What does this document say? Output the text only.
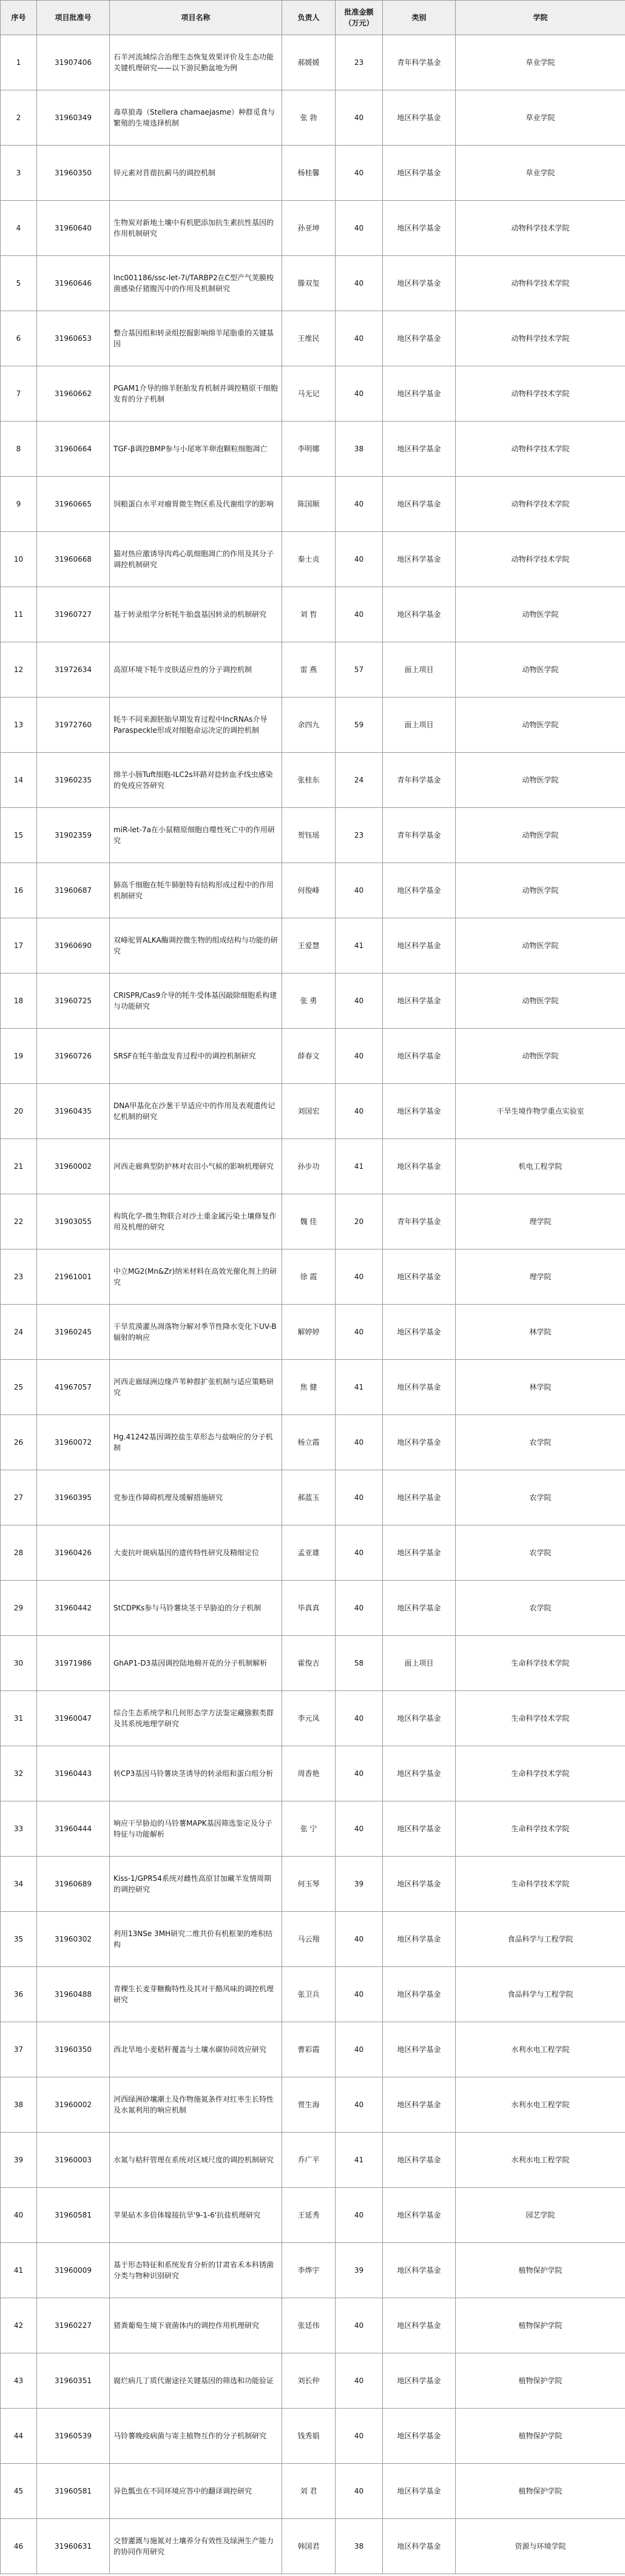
序号	项目批准号	项目名称	负责人	批准金额（万元）	类别	学院
1	31907406	石羊河流域综合治理生态恢复效果评价及生态功能关键机理研究——以下游民勤盆地为例	郝媛媛	23	青年科学基金	草业学院
2	31960349	毒草狼毒（Stellera chamaejasme）种群觅食与繁殖的生境选择机制	张 勃	40	地区科学基金	草业学院
3	31960350	锌元素对苜蓿抗蓟马的调控机制	杨桂馨	40	地区科学基金	草业学院
4	31960640	生物炭对新地土壤中有机肥添加抗生素抗性基因的作用机制研究	孙亚坤	40	地区科学基金	动物科学技术学院
5	31960646	lnc001186/ssc-let-7i/TARBP2在C型产气荚膜梭菌感染仔猪腹泻中的作用及机制研究	滕双玺	40	地区科学基金	动物科学技术学院
6	31960653	整合基因组和转录组挖掘影响绵羊尾脂重的关键基因	王维民	40	地区科学基金	动物科学技术学院
7	31960662	PGAM1介导的绵羊胚胎发育机制并调控精原干细胞发育的分子机制	马无记	40	地区科学基金	动物科学技术学院
8	31960664	TGF-β调控BMP参与小尾寒羊卵泡颗粒细胞凋亡	李明娜	38	地区科学基金	动物科学技术学院
9	31960665	饲粮蛋白水平对瘤胃微生物区系及代谢组学的影响	陈国顺	40	地区科学基金	动物科学技术学院
10	31960668	猫对热应激诱导肉鸡心肌细胞凋亡的作用及其分子调控机制研究	秦士贞	40	地区科学基金	动物科学技术学院
11	31960727	基于转录组学分析牦牛胎盘基因转录的机制研究	刘 哲	40	地区科学基金	动物医学院
12	31972634	高原环境下牦牛皮肤适应性的分子调控机制	雷 燕	57	面上项目	动物医学院
13	31972760	牦牛不同来源胚胎早期发育过程中lncRNAs介导Paraspeckle形成对细胞命运决定的调控机制	余四九	59	面上项目	动物医学院
14	31960235	绵羊小肠Tuft细胞-ILC2s环路对捻转血矛线虫感染的免疫应答研究	张桂东	24	青年科学基金	动物医学院
15	31902359	miR-let-7a在小鼠精原细胞自噬性死亡中的作用研究	贺钰瑶	23	青年科学基金	动物医学院
16	31960687	肺高千细胞在牦牛肺脏特有结构形成过程中的作用机制研究	何俊峰	40	地区科学基金	动物医学院
17	31960690	双峰驼胃ALKA酶调控微生物的组成结构与功能的研究	王爱慧	41	地区科学基金	动物医学院
18	31960725	CRISPR/Cas9介导的牦牛受体基因敲除细胞系构建与功能研究	张 勇	40	地区科学基金	动物医学院
19	31960726	SRSF在牦牛胎盘发育过程中的调控机制研究	薛春文	40	地区科学基金	动物医学院
20	31960435	DNA甲基化在沙葱干旱适应中的作用及表观遗传记忆机制的研究	刘国宏	40	地区科学基金	干旱生境作物学重点实验室
21	31960002	河西走廊典型防护林对农田小气候的影响机理研究	孙步功	41	地区科学基金	机电工程学院
22	31903055	构筑化学-微生物联合对沙土重金属污染土壤修复作用及机理的研究	魏 佳	20	青年科学基金	理学院
23	21961001	中立MG2(Mn&Zr)纳米材料在高效光催化剂上的研究	徐 霞	40	地区科学基金	理学院
24	31960245	干旱荒漠灌丛凋落物分解对季节性降水变化下UV-B辐射的响应	解婷婷	40	地区科学基金	林学院
25	41967057	河西走廊绿洲边缘芦苇种群扩张机制与适应策略研究	焦 健	41	地区科学基金	林学院
26	31960072	Hg.41242基因调控盐生草形态与盐响应的分子机制	杨立霞	40	地区科学基金	农学院
27	31960395	党参连作障碍机理及缓解措施研究	郝蓝玉	40	地区科学基金	农学院
28	31960426	大麦抗叶斑病基因的遗传特性研究及精细定位	孟亚雄	40	地区科学基金	农学院
29	31960442	StCDPKs参与马铃薯块茎干旱胁迫的分子机制	毕真真	40	地区科学基金	农学院
30	31971986	GhAP1-D3基因调控陆地棉开花的分子机制解析	霍俊吉	58	面上项目	生命科学技术学院
31	31960047	综合生态系统学和几何形态学方法鉴定藏猕猴类群及其系统地理学研究	李元凤	40	地区科学基金	生命科学技术学院
32	31960443	转CP3基因马铃薯块茎诱导的转录组和蛋白组分析	周香艳	40	地区科学基金	生命科学技术学院
33	31960444	响应干旱胁迫的马铃薯MAPK基因筛选鉴定及分子特征与功能解析	张 宁	40	地区科学基金	生命科学技术学院
34	31960689	Kiss-1/GPR54系统对雌性高原甘加藏羊发情周期的调控研究	何玉琴	39	地区科学基金	生命科学技术学院
35	31960302	利用13NSe 3MH研究二维共价有机框架的堆积结构	马云翔	40	地区科学基金	食品科学与工程学院
36	31960488	青稞生长麦芽糖酶特性及其对干酪风味的调控机理研究	张卫兵	40	地区科学基金	食品科学与工程学院
37	31960350	西北旱地小麦秸秆覆盖与土壤水碳协同效应研究	曹彩霞	40	地区科学基金	水利水电工程学院
38	31960002	河西绿洲砂壤潮土及作物施氮条件对红枣生长特性及水氮利用的响应机制	贾生海	40	地区科学基金	水利水电工程学院
39	31960003	水氮与秸秆管理在系统对区域尺度的调控机制研究	乔广平	41	地区科学基金	水利水电工程学院
40	31960581	苹果砧木多倍体嫁接抗旱'9-1-6'抗盐机理研究	王延秀	40	地区科学基金	园艺学院
41	31960009	基于形态特征和系统发育分析的甘肃省禾本科锈菌分类与物种识别研究	李烨宇	39	地区科学基金	植物保护学院
42	31960227	猪粪葡萄生境下衰菌体内的调控作用机理研究	张廷伟	40	地区科学基金	植物保护学院
43	31960351	腐烂病几丁质代谢途径关键基因的筛选和功能验证	刘长仲	40	地区科学基金	植物保护学院
44	31960539	马铃薯晚疫病菌与寄主植物互作的分子机制研究	钱秀娟	40	地区科学基金	植物保护学院
45	31960581	异色瓢虫在不同环境应答中的翻译调控研究	刘 君	40	地区科学基金	植物保护学院
46	31960631	交替灌溉与施氮对土壤养分有效性及绿洲生产能力的协同作用研究	韩国君	38	地区科学基金	资源与环境学院
